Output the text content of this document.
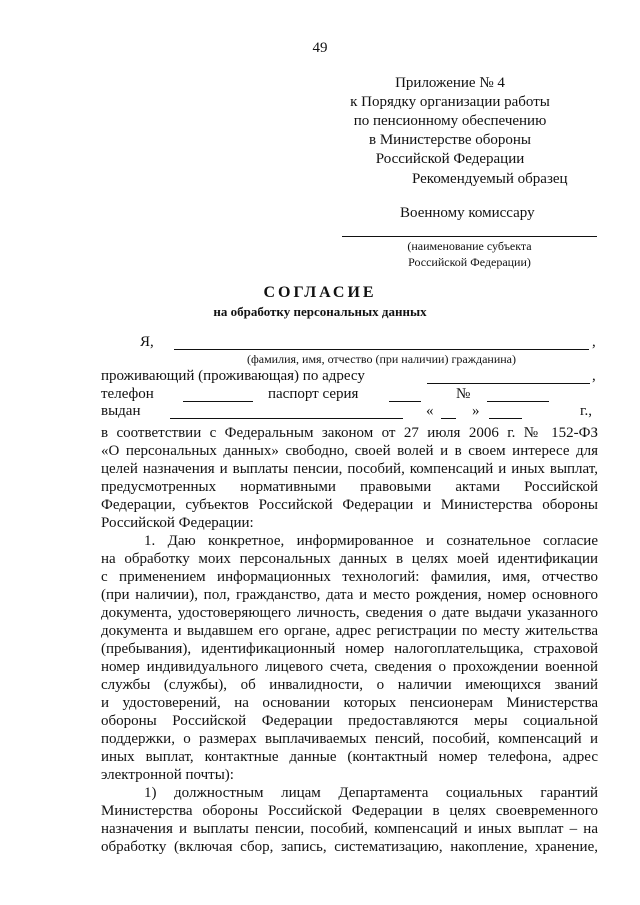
49
Приложение № 4
к Порядку организации работы
по пенсионному обеспечению
в Министерстве обороны
Российской Федерации
Рекомендуемый образец
Военному комиссару
(наименование субъекта
Российской Федерации)
СОГЛАСИЕ
на обработку персональных данных
Я,	,
(фамилия, имя, отчество (при наличии) гражданина)
проживающий (проживающая) по адресу	,
телефон	паспорт серия	№
выдан	«	»	г.,
в соответствии с Федеральным законом от 27 июля 2006 г. № 152-ФЗ
«О персональных данных» свободно, своей волей и в своем интересе для
целей назначения и выплаты пенсии, пособий, компенсаций и иных выплат,
предусмотренных нормативными правовыми актами Российской
Федерации, субъектов Российской Федерации и Министерства обороны
Российской Федерации:
1. Даю конкретное, информированное и сознательное согласие
на обработку моих персональных данных в целях моей идентификации
с применением информационных технологий: фамилия, имя, отчество
(при наличии), пол, гражданство, дата и место рождения, номер основного
документа, удостоверяющего личность, сведения о дате выдачи указанного
документа и выдавшем его органе, адрес регистрации по месту жительства
(пребывания), идентификационный номер налогоплательщика, страховой
номер индивидуального лицевого счета, сведения о прохождении военной
службы (службы), об инвалидности, о наличии имеющихся званий
и удостоверений, на основании которых пенсионерам Министерства
обороны Российской Федерации предоставляются меры социальной
поддержки, о размерах выплачиваемых пенсий, пособий, компенсаций и
иных выплат, контактные данные (контактный номер телефона, адрес
электронной почты):
1) должностным лицам Департамента социальных гарантий
Министерства обороны Российской Федерации в целях своевременного
назначения и выплаты пенсии, пособий, компенсаций и иных выплат – на
обработку (включая сбор, запись, систематизацию, накопление, хранение,
